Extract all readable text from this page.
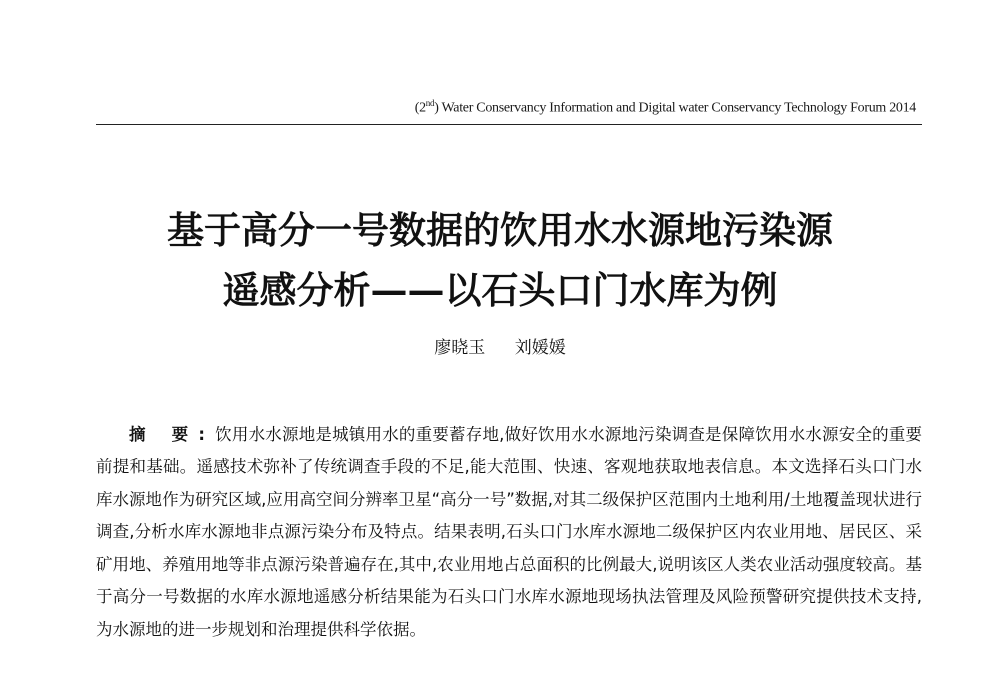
(2nd) Water Conservancy Information and Digital water Conservancy Technology Forum 2014
基于高分一号数据的饮用水水源地污染源
遥感分析——以石头口门水库为例
廖晓玉 刘媛媛

摘 要:饮用水水源地是城镇用水的重要蓄存地,做好饮用水水源地污染调查是保障饮用水水源安全的重要前提和基础。遥感技术弥补了传统调查手段的不足,能大范围、快速、客观地获取地表信息。本文选择石头口门水库水源地作为研究区域,应用高空间分辨率卫星“高分一号”数据,对其二级保护区范围内土地利用/土地覆盖现状进行调查,分析水库水源地非点源污染分布及特点。结果表明,石头口门水库水源地二级保护区内农业用地、居民区、采矿用地、养殖用地等非点源污染普遍存在,其中,农业用地占总面积的比例最大,说明该区人类农业活动强度较高。基于高分一号数据的水库水源地遥感分析结果能为石头口门水库水源地现场执法管理及风险预警研究提供技术支持,为水源地的进一步规划和治理提供科学依据。
